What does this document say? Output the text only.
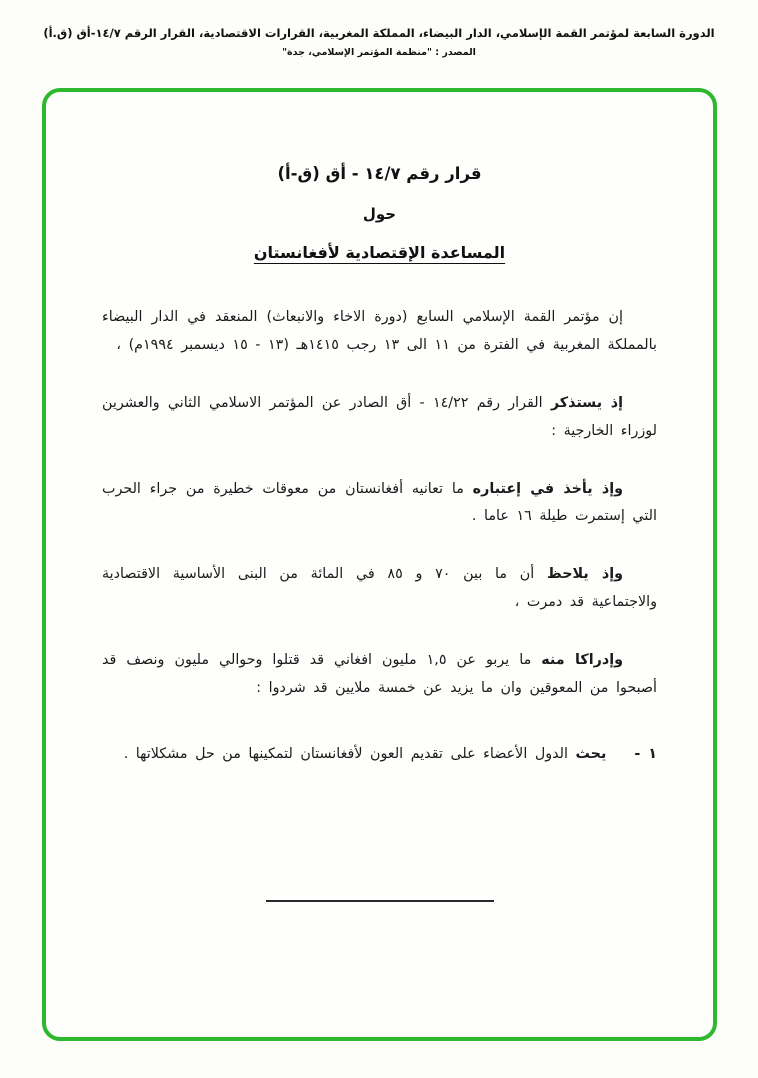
الدورة السابعة لمؤتمر القمة الإسلامي، الدار البيضاء، المملكة المغربية، القرارات الاقتصادية، القرار الرقم ١٤/٧-أق (ق.أ)
المصدر : "منظمة المؤتمر الإسلامي، جدة"
قرار رقم ١٤/٧ - أق (ق-أ)
حول
المساعدة الإقتصادية لأفغانستان

إن مؤتمر القمة الإسلامي السابع (دورة الاخاء والانبعاث) المنعقد في الدار البيضاء بالمملكة المغربية في الفترة من ١١ الى ١٣ رجب ١٤١٥هـ (١٣ - ١٥ ديسمبر ١٩٩٤م) ،

إذ يستذكر القرار رقم ١٤/٢٢ - أق الصادر عن المؤتمر الاسلامي الثاني والعشرين لوزراء الخارجية :

وإذ يأخذ في إعتباره ما تعانيه أفغانستان من معوقات خطيرة من جراء الحرب التي إستمرت طيلة ١٦ عاما .

وإذ يلاحظ أن ما بين ٧٠ و ٨٥ في المائة من البنى الأساسية الاقتصادية والاجتماعية قد دمرت ،

وإدراكا منه ما يربو عن ١,٥ مليون افغاني قد قتلوا وحوالي مليون ونصف قد أصبحوا من المعوقين وان ما يزيد عن خمسة ملايين قد شردوا :

١ -
يحث الدول الأعضاء على تقديم العون لأفغانستان لتمكينها من حل مشكلاتها .
